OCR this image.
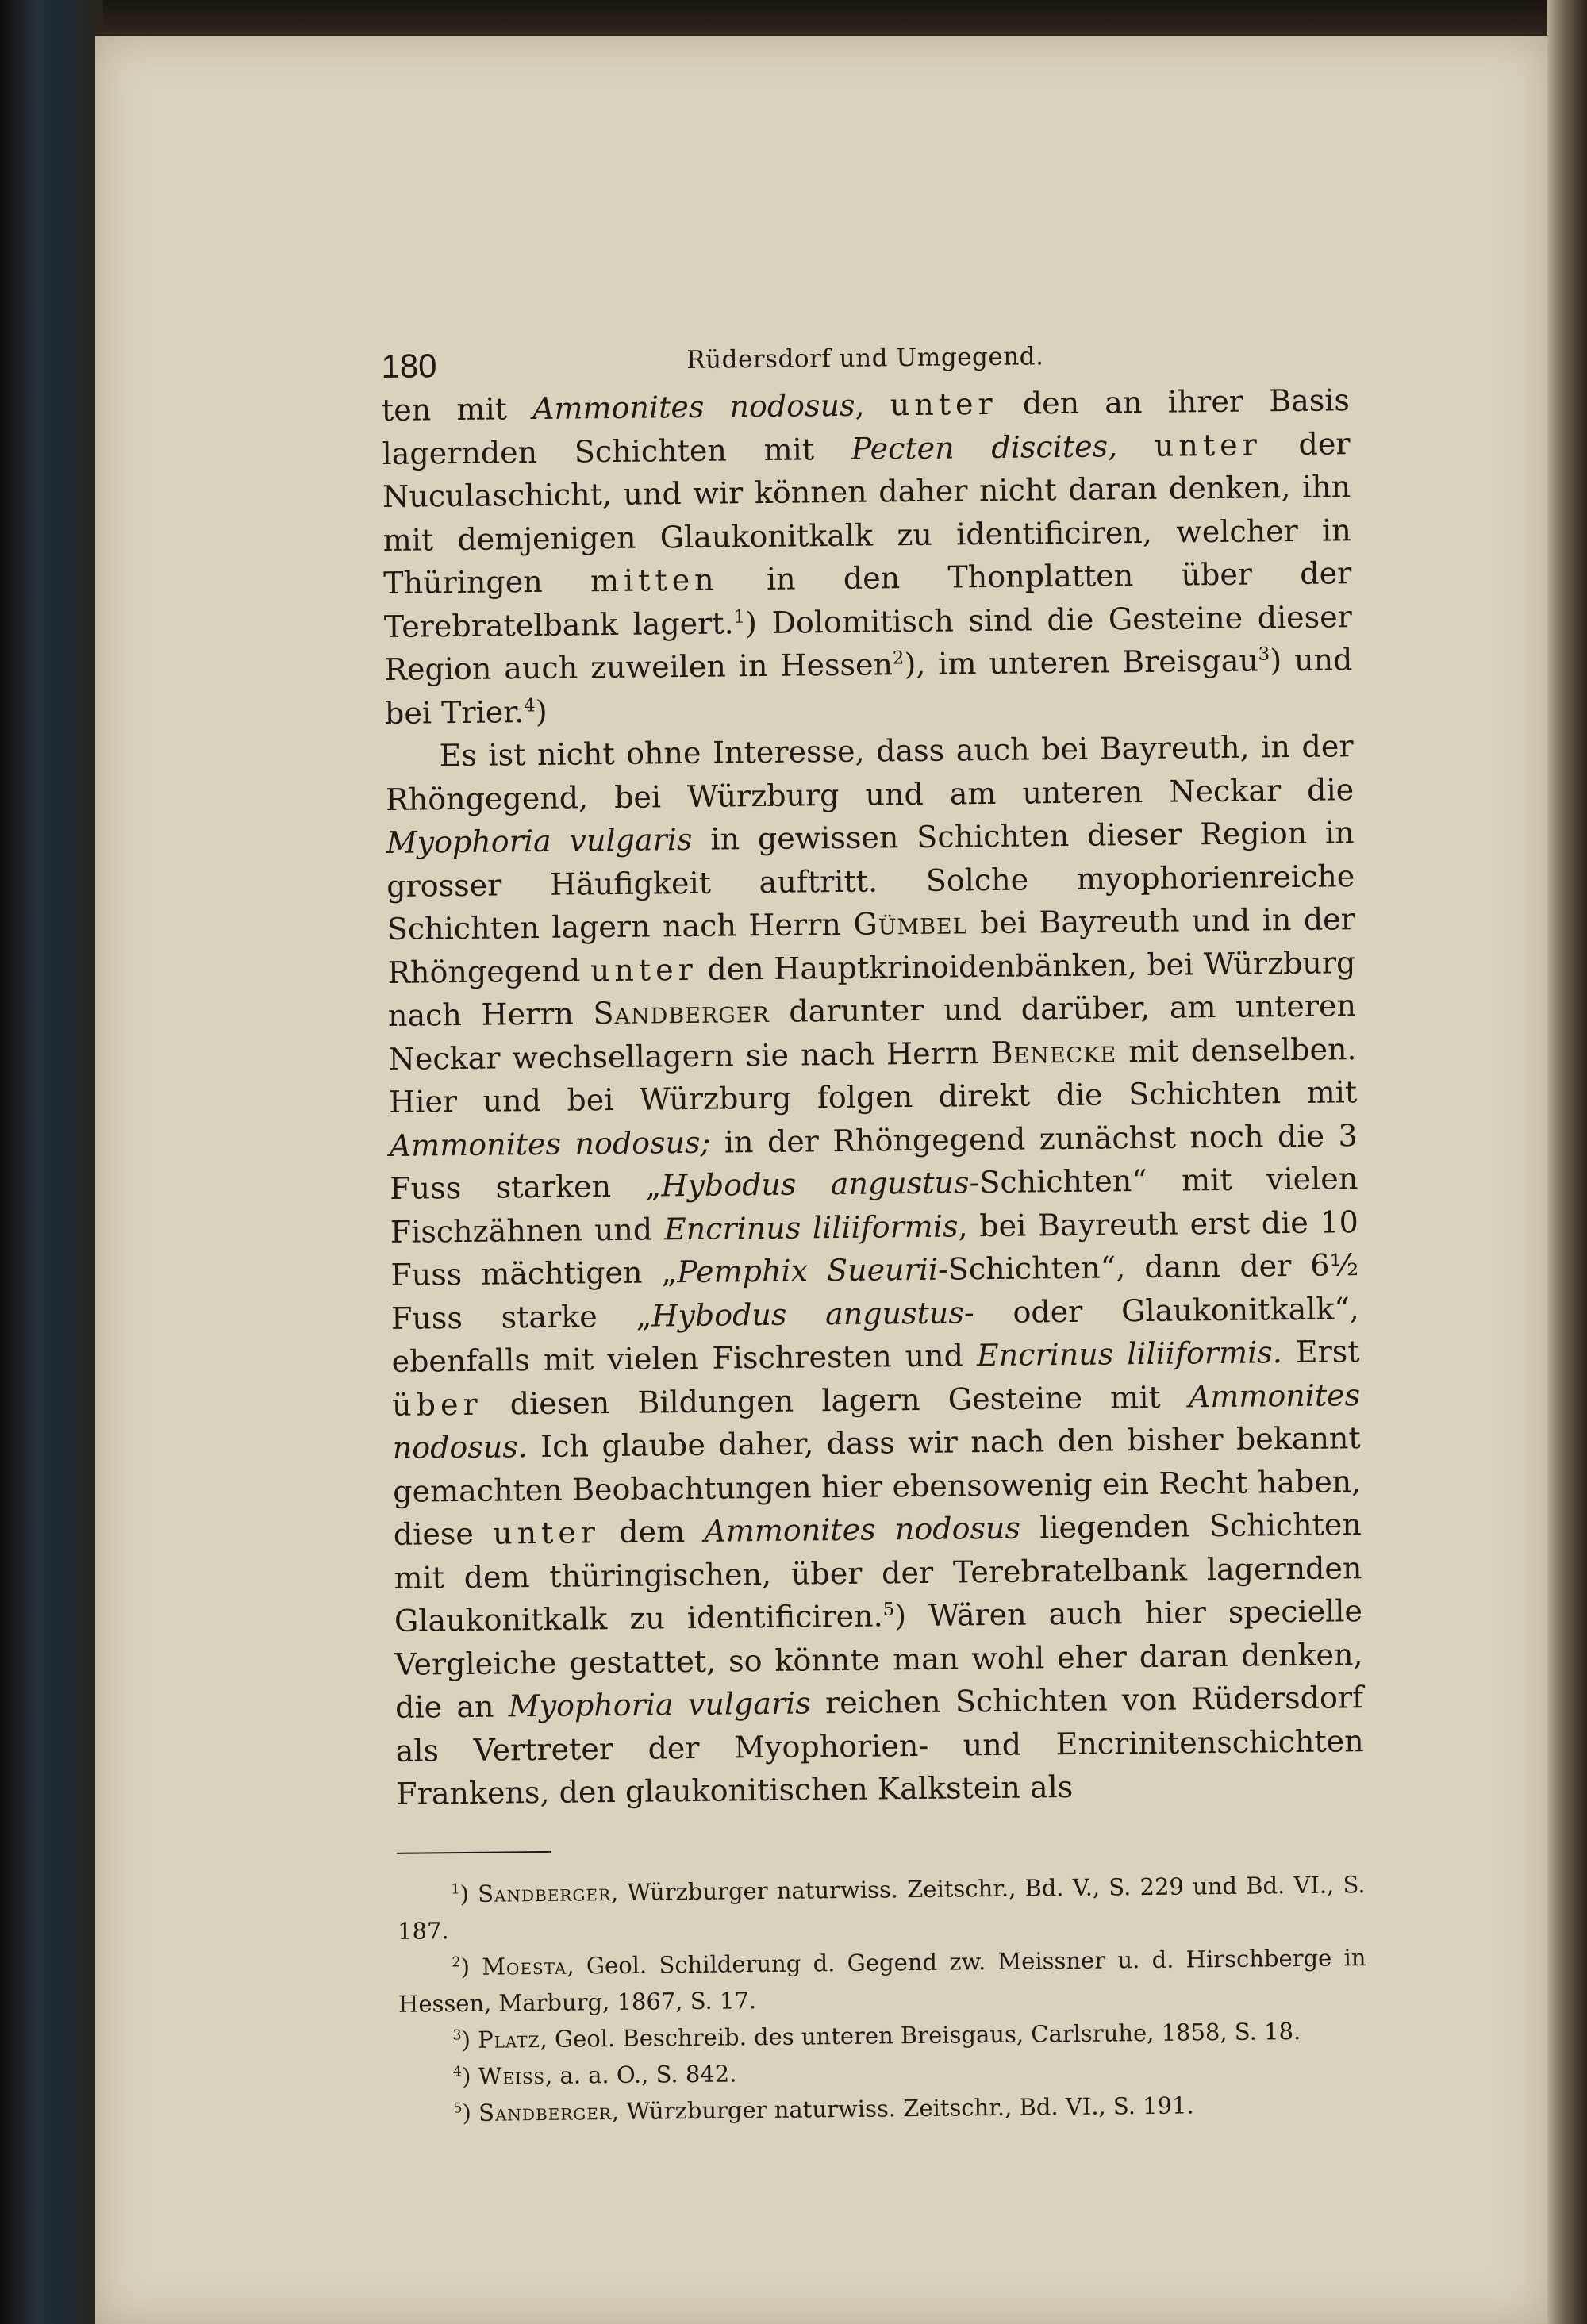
180	Rüdersdorf und Umgegend.

ten mit Ammonites nodosus, unter den an ihrer Basis lagernden Schichten mit Pecten discites, unter der Nuculaschicht, und wir können daher nicht daran denken, ihn mit demjenigen Glaukonitkalk zu identificiren, welcher in Thüringen mitten in den Thonplatten über der Terebratelbank lagert.$^1$) Dolomitisch sind die Gesteine dieser Region auch zuweilen in Hessen$^2$), im unteren Breisgau$^3$) und bei Trier.$^4$)

Es ist nicht ohne Interesse, dass auch bei Bayreuth, in der Rhöngegend, bei Würzburg und am unteren Neckar die Myophoria vulgaris in gewissen Schichten dieser Region in grosser Häufigkeit auftritt. Solche myophorienreiche Schichten lagern nach Herrn Gümbel bei Bayreuth und in der Rhöngegend unter den Hauptkrinoidenbänken, bei Würzburg nach Herrn Sandberger darunter und darüber, am unteren Neckar wechsellagern sie nach Herrn Benecke mit denselben. Hier und bei Würzburg folgen direkt die Schichten mit Ammonites nodosus; in der Rhöngegend zunächst noch die 3 Fuss starken „Hybodus angustus-Schichten“ mit vielen Fischzähnen und Encrinus liliiformis, bei Bayreuth erst die 10 Fuss mächtigen „Pemphix Sueurii-Schichten“, dann der 6½ Fuss starke „Hybodus angustus- oder Glaukonitkalk“, ebenfalls mit vielen Fischresten und Encrinus liliiformis. Erst über diesen Bildungen lagern Gesteine mit Ammonites nodosus. Ich glaube daher, dass wir nach den bisher bekannt gemachten Beobachtungen hier ebensowenig ein Recht haben, diese unter dem Ammonites nodosus liegenden Schichten mit dem thüringischen, über der Terebratelbank lagernden Glaukonitkalk zu identificiren.$^5$) Wären auch hier specielle Vergleiche gestattet, so könnte man wohl eher daran denken, die an Myophoria vulgaris reichen Schichten von Rüdersdorf als Vertreter der Myophorien- und Encrinitenschichten Frankens, den glaukonitischen Kalkstein als

$^1$) Sandberger, Würzburger naturwiss. Zeitschr., Bd. V., S. 229 und Bd. VI., S. 187.

$^2$) Moesta, Geol. Schilderung d. Gegend zw. Meissner u. d. Hirschberge in Hessen, Marburg, 1867, S. 17.

$^3$) Platz, Geol. Beschreib. des unteren Breisgaus, Carlsruhe, 1858, S. 18.

$^4$) Weiss, a. a. O., S. 842.

$^5$) Sandberger, Würzburger naturwiss. Zeitschr., Bd. VI., S. 191.
